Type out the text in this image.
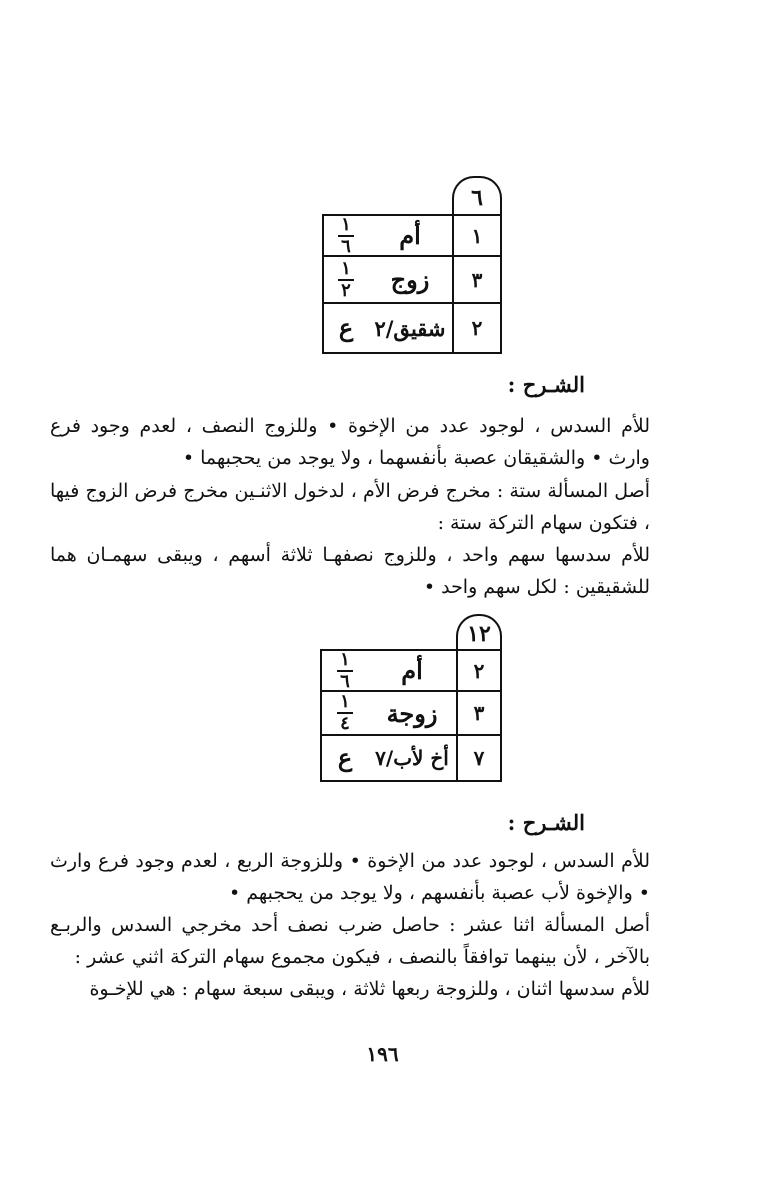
٦
١
أم
$\frac{١}{٦}$
٣
زوج
$\frac{١}{٢}$
٢
شقيق/٢
ع
الشـرح :

للأم السدس ، لوجود عدد من الإخوة • وللزوج النصف ، لعدم وجود فرع وارث • والشقيقان عصبة بأنفسهما ، ولا يوجد من يحجبهما •

أصل المسألة ستة : مخرج فرض الأم ، لدخول الاثنـين مخرج فرض الزوج فيها ، فتكون سهام التركة ستة :

للأم سدسها سهم واحد ، وللزوج نصفهـا ثلاثة أسهم ، ويبقى سهمـان هما للشقيقين : لكل سهم واحد •

١٢
٢
أم
$\frac{١}{٦}$
٣
زوجة
$\frac{١}{٤}$
٧
أخ لأب/٧
ع
الشـرح :

للأم السدس ، لوجود عدد من الإخوة • وللزوجة الربع ، لعدم وجود فرع وارث • والإخوة لأب عصبة بأنفسهم ، ولا يوجد من يحجبهم •

أصل المسألة اثنا عشر : حاصل ضرب نصف أحد مخرجي السدس والربـع بالآخر ، لأن بينهما توافقاً بالنصف ، فيكون مجموع سهام التركة اثني عشر :

للأم سدسها اثنان ، وللزوجة ربعها ثلاثة ، ويبقى سبعة سهام : هي للإخـوة

١٩٦
